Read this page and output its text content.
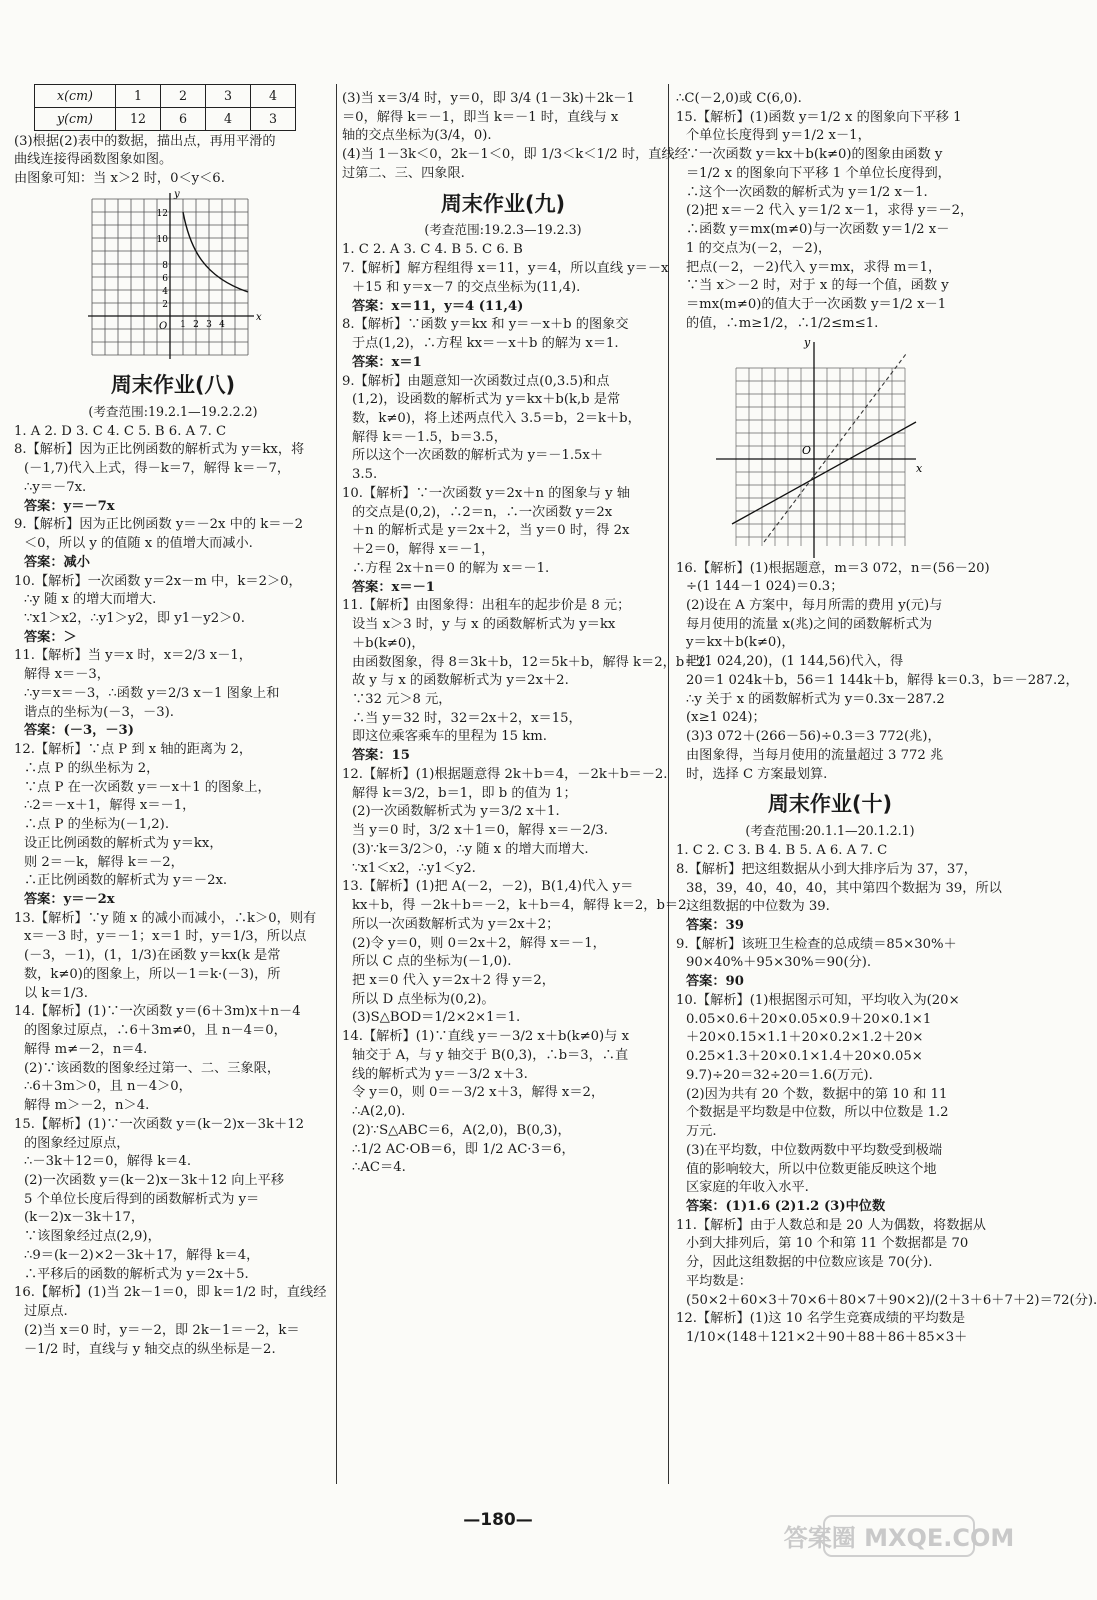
x(cm)	1	2	3	4
y(cm)	12	6	4	3
(3)根据(2)表中的数据，描出点，再用平滑的
曲线连接得函数图象如图。
由图象可知：当 x＞2 时，0＜y＜6.
y
x
O
12
10
8
6
4
2
1 2 3 4
周末作业(八)
(考查范围:19.2.1—19.2.2.2)
1. A 2. D 3. C 4. C 5. B 6. A 7. C
8.【解析】因为正比例函数的解析式为 y＝kx，将
(－1,7)代入上式，得－k＝7，解得 k＝－7，
∴y＝－7x.
答案：y＝－7x
9.【解析】因为正比例函数 y＝－2x 中的 k＝－2
＜0，所以 y 的值随 x 的值增大而减小.
答案：减小
10.【解析】一次函数 y＝2x－m 中，k＝2＞0，
∴y 随 x 的增大而增大.
∵x1＞x2，∴y1＞y2，即 y1－y2＞0.
答案：＞
11.【解析】当 y＝x 时，x＝2/3 x－1，
解得 x＝－3，
∴y＝x＝－3，∴函数 y＝2/3 x－1 图象上和
谐点的坐标为(－3，－3).
答案：(－3，－3)
12.【解析】∵点 P 到 x 轴的距离为 2，
∴点 P 的纵坐标为 2，
∵点 P 在一次函数 y＝－x＋1 的图象上，
∴2＝－x＋1，解得 x＝－1，
∴点 P 的坐标为(－1,2).
设正比例函数的解析式为 y＝kx，
则 2＝－k，解得 k＝－2，
∴正比例函数的解析式为 y＝－2x.
答案：y＝－2x
13.【解析】∵y 随 x 的减小而减小，∴k＞0，则有
x＝－3 时，y＝－1；x＝1 时，y＝1/3，所以点
(－3，－1)，(1，1/3)在函数 y＝kx(k 是常
数，k≠0)的图象上，所以－1＝k·(－3)，所
以 k＝1/3.
14.【解析】(1)∵一次函数 y＝(6＋3m)x＋n－4
的图象过原点，∴6＋3m≠0，且 n－4＝0，
解得 m≠－2，n＝4.
(2)∵该函数的图象经过第一、二、三象限，
∴6＋3m＞0，且 n－4＞0，
解得 m＞－2，n＞4.
15.【解析】(1)∵一次函数 y＝(k－2)x－3k＋12
的图象经过原点，
∴－3k＋12＝0，解得 k＝4.
(2)一次函数 y＝(k－2)x－3k＋12 向上平移
5 个单位长度后得到的函数解析式为 y＝
(k－2)x－3k＋17，
∵该图象经过点(2,9)，
∴9＝(k－2)×2－3k＋17，解得 k＝4，
∴平移后的函数的解析式为 y＝2x＋5.
16.【解析】(1)当 2k－1＝0，即 k＝1/2 时，直线经
过原点.
(2)当 x＝0 时，y＝－2，即 2k－1＝－2，k＝
－1/2 时，直线与 y 轴交点的纵坐标是－2.
(3)当 x＝3/4 时，y＝0，即 3/4 (1－3k)＋2k－1
＝0，解得 k＝－1，即当 k＝－1 时，直线与 x
轴的交点坐标为(3/4，0).
(4)当 1－3k＜0，2k－1＜0，即 1/3＜k＜1/2 时，直线经
过第二、三、四象限.
周末作业(九)
(考查范围:19.2.3—19.2.3)
1. C 2. A 3. C 4. B 5. C 6. B
7.【解析】解方程组得 x＝11，y＝4，所以直线 y＝－x
＋15 和 y＝x－7 的交点坐标为(11,4).
答案：x＝11，y＝4 (11,4)
8.【解析】∵函数 y＝kx 和 y＝－x＋b 的图象交
于点(1,2)，∴方程 kx＝－x＋b 的解为 x＝1.
答案：x＝1
9.【解析】由题意知一次函数过点(0,3.5)和点
(1,2)，设函数的解析式为 y＝kx＋b(k,b 是常
数，k≠0)，将上述两点代入 3.5＝b，2＝k＋b，
解得 k＝－1.5，b＝3.5，
所以这个一次函数的解析式为 y＝－1.5x＋
3.5.
10.【解析】∵一次函数 y＝2x＋n 的图象与 y 轴
的交点是(0,2)，∴2＝n，∴一次函数 y＝2x
＋n 的解析式是 y＝2x＋2，当 y＝0 时，得 2x
＋2＝0，解得 x＝－1，
∴方程 2x＋n＝0 的解为 x＝－1.
答案：x＝－1
11.【解析】由图象得：出租车的起步价是 8 元；
设当 x＞3 时，y 与 x 的函数解析式为 y＝kx
＋b(k≠0)，
由函数图象，得 8＝3k＋b，12＝5k＋b，解得 k＝2，b＝2.
故 y 与 x 的函数解析式为 y＝2x＋2.
∵32 元＞8 元，
∴当 y＝32 时，32＝2x＋2，x＝15，
即这位乘客乘车的里程为 15 km.
答案：15
12.【解析】(1)根据题意得 2k＋b＝4，－2k＋b＝－2.
解得 k＝3/2，b＝1，即 b 的值为 1；
(2)一次函数解析式为 y＝3/2 x＋1.
当 y＝0 时，3/2 x＋1＝0，解得 x＝－2/3.
(3)∵k＝3/2＞0，∴y 随 x 的增大而增大.
∵x1＜x2，∴y1＜y2.
13.【解析】(1)把 A(－2，－2)，B(1,4)代入 y＝
kx＋b，得 －2k＋b＝－2，k＋b＝4，解得 k＝2，b＝2.
所以一次函数解析式为 y＝2x＋2；
(2)令 y＝0，则 0＝2x＋2，解得 x＝－1，
所以 C 点的坐标为(－1,0).
把 x＝0 代入 y＝2x＋2 得 y＝2，
所以 D 点坐标为(0,2)。
(3)S△BOD＝1/2×2×1＝1.
14.【解析】(1)∵直线 y＝－3/2 x＋b(k≠0)与 x
轴交于 A，与 y 轴交于 B(0,3)，∴b＝3，∴直
线的解析式为 y＝－3/2 x＋3.
令 y＝0，则 0＝－3/2 x＋3，解得 x＝2，
∴A(2,0).
(2)∵S△ABC＝6，A(2,0)，B(0,3)，
∴1/2 AC·OB＝6，即 1/2 AC·3＝6，
∴AC＝4.
∴C(－2,0)或 C(6,0).
15.【解析】(1)函数 y＝1/2 x 的图象向下平移 1
个单位长度得到 y＝1/2 x－1，
∵一次函数 y＝kx＋b(k≠0)的图象由函数 y
＝1/2 x 的图象向下平移 1 个单位长度得到，
∴这个一次函数的解析式为 y＝1/2 x－1.
(2)把 x＝－2 代入 y＝1/2 x－1，求得 y＝－2，
∴函数 y＝mx(m≠0)与一次函数 y＝1/2 x－
1 的交点为(－2，－2)，
把点(－2，－2)代入 y＝mx，求得 m＝1，
∵当 x＞－2 时，对于 x 的每一个值，函数 y
＝mx(m≠0)的值大于一次函数 y＝1/2 x－1
的值，∴m≥1/2，∴1/2≤m≤1.
y
x
O
16.【解析】(1)根据题意，m＝3 072，n＝(56－20)
÷(1 144－1 024)＝0.3；
(2)设在 A 方案中，每月所需的费用 y(元)与
每月使用的流量 x(兆)之间的函数解析式为
y＝kx＋b(k≠0)，
把(1 024,20)，(1 144,56)代入，得
20＝1 024k＋b，56＝1 144k＋b，解得 k＝0.3，b＝－287.2，
∴y 关于 x 的函数解析式为 y＝0.3x－287.2
(x≥1 024)；
(3)3 072＋(266－56)÷0.3＝3 772(兆)，
由图象得，当每月使用的流量超过 3 772 兆
时，选择 C 方案最划算.
周末作业(十)
(考查范围:20.1.1—20.1.2.1)
1. C 2. C 3. B 4. B 5. A 6. A 7. C
8.【解析】把这组数据从小到大排序后为 37，37，
38，39，40，40，40，其中第四个数据为 39，所以
这组数据的中位数为 39.
答案：39
9.【解析】该班卫生检查的总成绩＝85×30%＋
90×40%＋95×30%＝90(分).
答案：90
10.【解析】(1)根据图示可知，平均收入为(20×
0.05×0.6＋20×0.05×0.9＋20×0.1×1
＋20×0.15×1.1＋20×0.2×1.2＋20×
0.25×1.3＋20×0.1×1.4＋20×0.05×
9.7)÷20＝32÷20＝1.6(万元).
(2)因为共有 20 个数，数据中的第 10 和 11
个数据是平均数是中位数，所以中位数是 1.2
万元.
(3)在平均数，中位数两数中平均数受到极端
值的影响较大，所以中位数更能反映这个地
区家庭的年收入水平.
答案：(1)1.6 (2)1.2 (3)中位数
11.【解析】由于人数总和是 20 人为偶数，将数据从
小到大排列后，第 10 个和第 11 个数据都是 70
分，因此这组数据的中位数应该是 70(分).
平均数是：
(50×2＋60×3＋70×6＋80×7＋90×2)/(2＋3＋6＋7＋2)＝72(分).
12.【解析】(1)这 10 名学生竞赛成绩的平均数是
1/10×(148＋121×2＋90＋88＋86＋85×3＋
—180—
答案圈 MXQE.COM
